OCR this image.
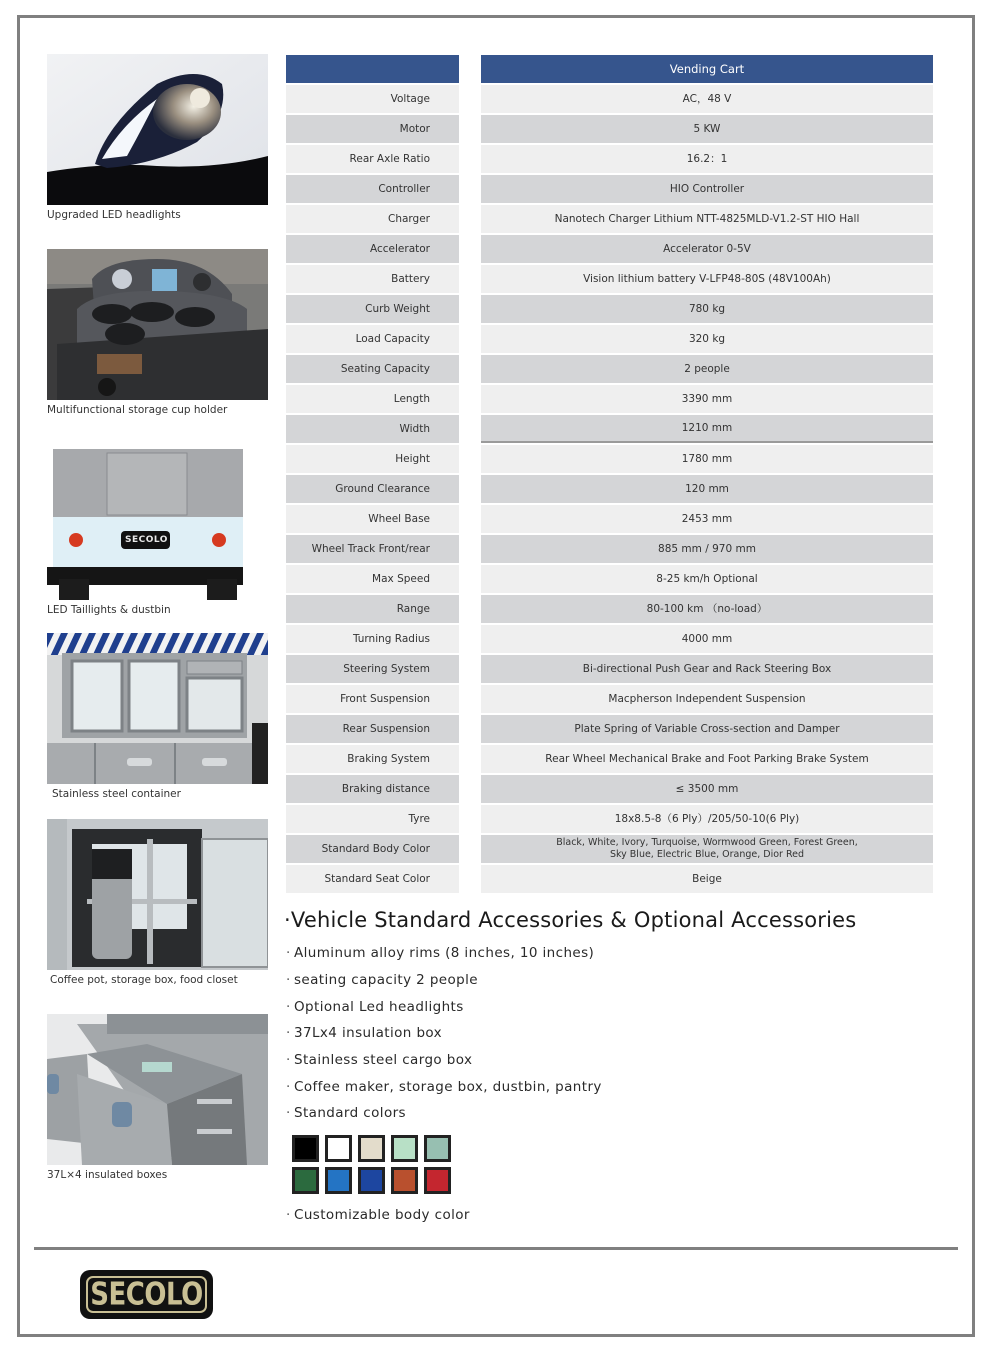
Upgraded LED headlights
Multifunctional storage cup holder
SECOLO
LED Taillights & dustbin
Stainless steel container
Coffee pot, storage box, food closet
37L×4 insulated boxes
Voltage
Motor
Rear Axle Ratio
Controller
Charger
Accelerator
Battery
Curb Weight
Load Capacity
Seating Capacity
Length
Width
Height
Ground Clearance
Wheel Base
Wheel Track Front/rear
Max Speed
Range
Turning Radius
Steering System
Front Suspension
Rear Suspension
Braking System
Braking distance
Tyre
Standard Body Color
Standard Seat Color
Vending Cart
AC，48 V
5 KW
16.2：1
HIO Controller
Nanotech Charger Lithium NTT-4825MLD-V1.2-ST HIO Hall
Accelerator 0-5V
Vision lithium battery V-LFP48-80S (48V100Ah)
780 kg
320 kg
2 people
3390 mm
1210 mm
1780 mm
120 mm
2453 mm
885 mm / 970 mm
8-25 km/h Optional
80-100 km （no-load）
4000 mm
Bi-directional Push Gear and Rack Steering Box
Macpherson Independent Suspension
Plate Spring of Variable Cross-section and Damper
Rear Wheel Mechanical Brake and Foot Parking Brake System
≤ 3500 mm
18x8.5-8（6 Ply）/205/50-10(6 Ply)
Black, White, Ivory, Turquoise, Wormwood Green, Forest Green,
Sky Blue, Electric Blue, Orange, Dior Red
Beige
·Vehicle Standard Accessories & Optional Accessories
· Aluminum alloy rims (8 inches, 10 inches)
· seating capacity 2 people
· Optional Led headlights
· 37Lx4 insulation box
· Stainless steel cargo box
· Coffee maker, storage box, dustbin, pantry
· Standard colors
· Customizable body color
SECOLO
